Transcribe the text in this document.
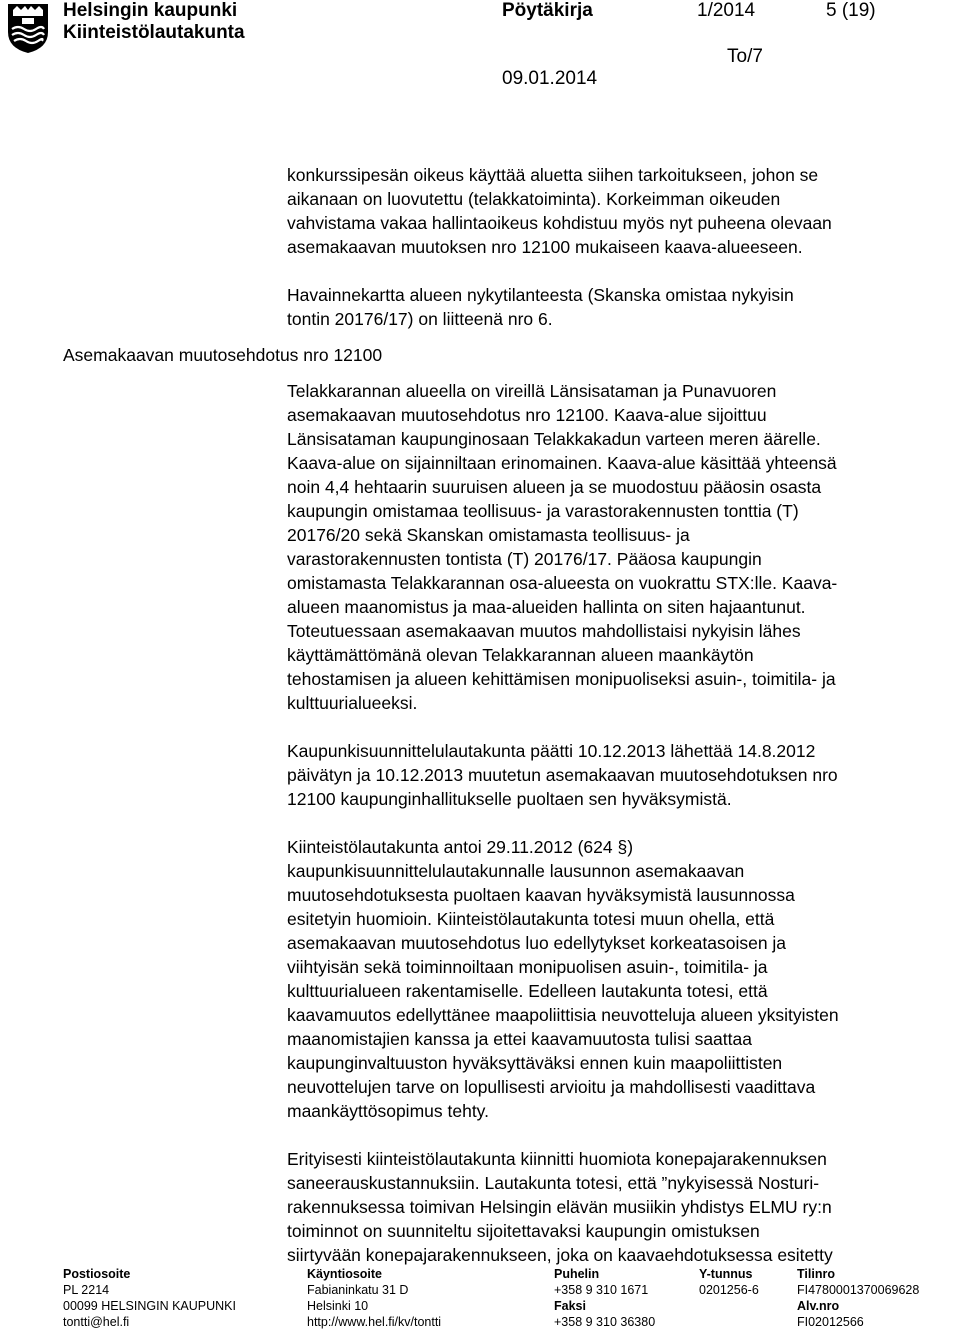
Helsingin kaupunki
Kiinteistölautakunta
Pöytäkirja	1/2014	5 (19)
To/7
09.01.2014
Asemakaavan muutosehdotus nro 12100

konkurssipesän oikeus käyttää aluetta siihen tarkoitukseen, johon se
aikanaan on luovutettu (telakkatoiminta). Korkeimman oikeuden
vahvistama vakaa hallintaoikeus kohdistuu myös nyt puheena olevaan
asemakaavan muutoksen nro 12100 mukaiseen kaava-alueeseen.

Havainnekartta alueen nykytilanteesta (Skanska omistaa nykyisin
tontin 20176/17) on liitteenä nro 6.

Telakkarannan alueella on vireillä Länsisataman ja Punavuoren
asemakaavan muutosehdotus nro 12100. Kaava-alue sijoittuu
Länsisataman kaupunginosaan Telakkakadun varteen meren äärelle.
Kaava-alue on sijainniltaan erinomainen. Kaava-alue käsittää yhteensä
noin 4,4 hehtaarin suuruisen alueen ja se muodostuu pääosin osasta
kaupungin omistamaa teollisuus- ja varastorakennusten tonttia (T)
20176/20 sekä Skanskan omistamasta teollisuus- ja
varastorakennusten tontista (T) 20176/17. Pääosa kaupungin
omistamasta Telakkarannan osa-alueesta on vuokrattu STX:lle. Kaava-
alueen maanomistus ja maa-alueiden hallinta on siten hajaantunut.
Toteutuessaan asemakaavan muutos mahdollistaisi nykyisin lähes
käyttämättömänä olevan Telakkarannan alueen maankäytön
tehostamisen ja alueen kehittämisen monipuoliseksi asuin-, toimitila- ja
kulttuurialueeksi.

Kaupunkisuunnittelulautakunta päätti 10.12.2013 lähettää 14.8.2012
päivätyn ja 10.12.2013 muutetun asemakaavan muutosehdotuksen nro
12100 kaupunginhallitukselle puoltaen sen hyväksymistä.

Kiinteistölautakunta antoi 29.11.2012 (624 §)
kaupunkisuunnittelulautakunnalle lausunnon asemakaavan
muutosehdotuksesta puoltaen kaavan hyväksymistä lausunnossa
esitetyin huomioin. Kiinteistölautakunta totesi muun ohella, että
asemakaavan muutosehdotus luo edellytykset korkeatasoisen ja
viihtyisän sekä toiminnoiltaan monipuolisen asuin-, toimitila- ja
kulttuurialueen rakentamiselle. Edelleen lautakunta totesi, että
kaavamuutos edellyttänee maapoliittisia neuvotteluja alueen yksityisten
maanomistajien kanssa ja ettei kaavamuutosta tulisi saattaa
kaupunginvaltuuston hyväksyttäväksi ennen kuin maapoliittisten
neuvottelujen tarve on lopullisesti arvioitu ja mahdollisesti vaadittava
maankäyttösopimus tehty.

Erityisesti kiinteistölautakunta kiinnitti huomiota konepajarakennuksen
saneerauskustannuksiin. Lautakunta totesi, että ”nykyisessä Nosturi-
rakennuksessa toimivan Helsingin elävän musiikin yhdistys ELMU ry:n
toiminnot on suunniteltu sijoitettavaksi kaupungin omistuksen
siirtyvään konepajarakennukseen, joka on kaavaehdotuksessa esitetty

Postiosoite
PL 2214
00099 HELSINGIN KAUPUNKI
tontti@hel.fi
Käyntiosoite
Fabianinkatu 31 D
Helsinki 10
http://www.hel.fi/kv/tontti
Puhelin
+358 9 310 1671
Faksi
+358 9 310 36380
Y-tunnus
0201256-6
Tilinro
FI4780001370069628
Alv.nro
FI02012566
